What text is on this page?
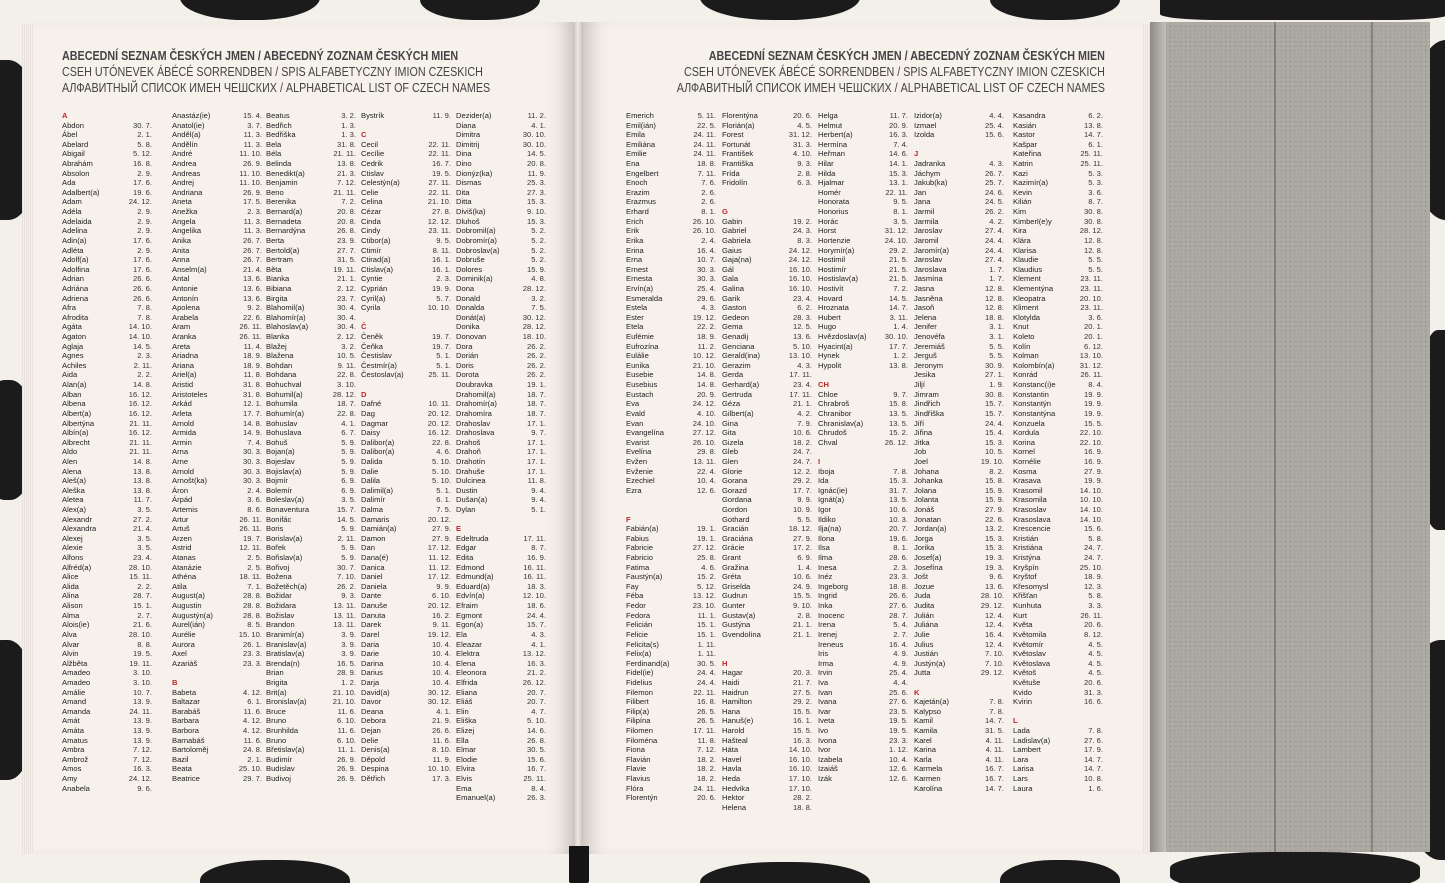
ABECEDNÍ SEZNAM ČESKÝCH JMEN / ABECEDNÝ ZOZNAM ČESKÝCH MIEN
CSEH UTÓNEVEK ÁBÉCÉ SORRENDBEN / SPIS ALFABETYCZNY IMION CZESKICH
АЛФАВИТНЫЙ СПИСОК ИМЕН ЧЕШСКИХ / ALPHABETICAL LIST OF CZECH NAMES
ABECEDNÍ SEZNAM ČESKÝCH JMEN / ABECEDNÝ ZOZNAM ČESKÝCH MIEN
CSEH UTÓNEVEK ÁBÉCÉ SORRENDBEN / SPIS ALFABETYCZNY IMION CZESKICH
АЛФАВИТНЫЙ СПИСОК ИМЕН ЧЕШСКИХ / ALPHABETICAL LIST OF CZECH NAMES
A
Abdon	30. 7.
Ábel	2. 1.
Abelard	5. 8.
Abigail	5. 12.
Abrahám	16. 8.
Absolon	2. 9.
Ada	17. 6.
Adalbert(a)	19. 6.
Adam	24. 12.
Adéla	2. 9.
Adelaida	2. 9.
Adelina	2. 9.
Adin(a)	17. 6.
Adléta	2. 9.
Adolf(a)	17. 6.
Adolfina	17. 6.
Adrian	26. 6.
Adriána	26. 6.
Adriena	26. 6.
Afra	7. 8.
Afrodita	7. 8.
Agáta	14. 10.
Agaton	14. 10.
Aglaja	14. 5.
Agnes	2. 3.
Achiles	2. 11.
Aida	2. 2.
Alan(a)	14. 8.
Alban	16. 12.
Albena	16. 12.
Albert(a)	16. 12.
Albertýna	21. 11.
Albín(a)	16. 12.
Albrecht	21. 11.
Aldo	21. 11.
Alen	14. 8.
Alena	13. 8.
Aleš(a)	13. 8.
Aleška	13. 8.
Aletea	11. 7.
Alex(a)	3. 5.
Alexandr	27. 2.
Alexandra	21. 4.
Alexej	3. 5.
Alexie	3. 5.
Alfons	23. 4.
Alfréd(a)	28. 10.
Alice	15. 11.
Alida	2. 2.
Alina	28. 7.
Alison	15. 1.
Alma	2. 7.
Alois(ie)	21. 6.
Alva	28. 10.
Alvar	8. 8.
Alvin	19. 5.
Alžběta	19. 11.
Amadeo	3. 10.
Amadeo	3. 10.
Amálie	10. 7.
Amand	13. 9.
Amanda	24. 11.
Amát	13. 9.
Amáta	13. 9.
Amatus	13. 9.
Ambra	7. 12.
Ambrož	7. 12.
Amos	16. 3.
Amy	24. 12.
Anabela	9. 6.
Anastáz(ie)	15. 4.
Anatol(ie)	3. 7.
Anděl(a)	11. 3.
Andělín	11. 3.
André	11. 10.
Andrea	26. 9.
Andreas	11. 10.
Andrej	11. 10.
Andriana	26. 9.
Aneta	17. 5.
Anežka	2. 3.
Angela	11. 3.
Angelika	11. 3.
Anika	26. 7.
Anita	26. 7.
Anna	26. 7.
Anselm(a)	21. 4.
Antal	13. 6.
Antonie	13. 6.
Antonín	13. 6.
Apolena	9. 2.
Arabela	22. 6.
Aram	26. 11.
Aranka	26. 11.
Areta	11. 4.
Ariadna	18. 9.
Ariana	18. 9.
Ariel(a)	11. 8.
Aristid	31. 8.
Aristoteles	31. 8.
Arkád	12. 1.
Arleta	17. 7.
Arnold	14. 8.
Armida	14. 9.
Armin	7. 4.
Arna	30. 3.
Arne	30. 3.
Arnold	30. 3.
Arnošt(ka)	30. 3.
Áron	2. 4.
Árpád	3. 6.
Artemis	8. 6.
Artur	26. 11.
Artuš	26. 11.
Arzen	19. 7.
Astrid	12. 11.
Atanas	2. 5.
Atanázie	2. 5.
Athéna	18. 11.
Atila	7. 1.
August(a)	28. 8.
Augustin	28. 8.
Augustýn(a)	28. 8.
Aurel(ián)	8. 5.
Aurélie	15. 10.
Aurora	26. 1.
Axel	23. 3.
Azariáš	23. 3.
B
Babeta	4. 12.
Baltazar	6. 1.
Barabáš	11. 6.
Barbara	4. 12.
Barbora	4. 12.
Barnabáš	11. 6.
Bartoloměj	24. 8.
Bazil	2. 1.
Beata	25. 10.
Beatrice	29. 7.
Beatus	3. 2.
Bedřich	1. 3.
Bedřiška	1. 3.
Bela	31. 8.
Béla	21. 11.
Belinda	13. 8.
Benedikt(a)	21. 3.
Benjamin	7. 12.
Beno	21. 11.
Berenika	7. 2.
Bernard(a)	20. 8.
Bernadeta	20. 8.
Bernardýna	26. 8.
Berta	23. 9.
Bertold(a)	27. 7.
Bertram	31. 5.
Běta	19. 11.
Bianka	21. 1.
Bibiana	2. 12.
Birgita	23. 7.
Blahomil(a)	30. 4.
Blahomír(a)	30. 4.
Blahoslav(a)	30. 4.
Blanka	2. 12.
Blažej	3. 2.
Blažena	10. 5.
Bohdan	9. 11.
Bohdana	22. 8.
Bohuchval	3. 10.
Bohumil(a)	28. 12.
Bohumila	18. 7.
Bohumír(a)	22. 8.
Bohuslav	4. 1.
Bohuslava	6. 7.
Bohuš	5. 9.
Bojan(a)	5. 9.
Bojeslav	5. 9.
Bojislav(a)	5. 9.
Bojmír	6. 9.
Bolemír	6. 9.
Boleslav(a)	3. 5.
Bonaventura	15. 7.
Bonifác	14. 5.
Boris	5. 9.
Borislav(a)	2. 11.
Bořek	5. 9.
Bořislav(a)	5. 9.
Bořivoj	30. 7.
Božena	7. 10.
Božetěch(a)	26. 2.
Božidar	9. 3.
Božidara	13. 11.
Božislav	13. 11.
Brandon	13. 11.
Branimír(a)	3. 9.
Branislav(a)	3. 9.
Bratislav(a)	3. 9.
Brenda(n)	16. 5.
Brian	28. 9.
Brigita	1. 2.
Brit(a)	21. 10.
Bronislav(a)	21. 10.
Bruce	11. 6.
Bruno	6. 10.
Brunhilda	11. 6.
Bruno	6. 10.
Břetislav(a)	11. 1.
Budimír	26. 9.
Budislav	26. 9.
Budivoj	26. 9.
Bystrík	11. 9.
C
Cecil	22. 11.
Cecílie	22. 11.
Cedrik	16. 7.
Ctislav	19. 5.
Celestýn(a)	27. 11.
Celie	22. 11.
Celina	21. 10.
Cézar	27. 8.
Cinda	12. 12.
Cindy	23. 11.
Ctibor(a)	9. 5.
Ctimír	8. 11.
Ctirad(a)	16. 1.
Ctislav(a)	16. 1.
Cyntie	2. 3.
Cyprián	19. 9.
Cyril(a)	5. 7.
Cyrila	10. 10.
Č
Čeněk	19. 7.
Čeňka	19. 7.
Čestislav	5. 1.
Čestmír(a)	5. 1.
Čestoslav(a)	25. 11.
D
Dafné	10. 11.
Dag	20. 12.
Dagmar	20. 12.
Daisy	16. 12.
Dalibor(a)	22. 8.
Dalibor(a)	4. 6.
Dalida	5. 10.
Dalie	5. 10.
Dalila	5. 10.
Dalimil(a)	5. 1.
Dalimír	6. 1.
Dalma	7. 5.
Damaris	20. 12.
Damián(a)	27. 9.
Damon	27. 9.
Dan	17. 12.
Dana(é)	11. 12.
Danica	11. 12.
Daniel	17. 12.
Daniela	9. 9.
Dante	6. 10.
Danuše	20. 12.
Danuta	16. 2.
Darek	9. 11.
Darel	19. 12.
Daria	10. 4.
Darie	10. 4.
Darina	10. 4.
Darius	10. 4.
Darja	10. 4.
David(a)	30. 12.
Davor	30. 12.
Deana	4. 1.
Debora	21. 9.
Dejan	26. 6.
Delie	11. 6.
Denis(a)	8. 10.
Děpold	11. 9.
Despina	10. 10.
Dětřich	17. 3.
Dezider(a)	11. 2.
Diana	4. 1.
Dimitra	30. 10.
Dimitrij	30. 10.
Dina	14. 5.
Dino	20. 8.
Dionýz(ka)	11. 9.
Dismas	25. 3.
Dita	27. 3.
Ditta	15. 3.
Diviš(ka)	9. 10.
Dluhoš	15. 3.
Dobromil(a)	5. 2.
Dobromír(a)	5. 2.
Dobroslav(a)	5. 2.
Dobruše	5. 2.
Dolores	15. 9.
Dominik(a)	4. 8.
Dona	28. 12.
Donald	3. 2.
Donalda	7. 5.
Donát(a)	30. 12.
Donika	28. 12.
Donovan	18. 10.
Dora	26. 2.
Dorián	26. 2.
Doris	26. 2.
Dorota	26. 2.
Doubravka	19. 1.
Drahomil(a)	18. 7.
Drahomír(a)	18. 7.
Drahomíra	18. 7.
Drahoslav	17. 1.
Drahoslava	9. 7.
Drahoš	17. 1.
Drahoň	17. 1.
Drahotín	17. 1.
Drahuše	17. 1.
Dulcinea	11. 8.
Dustin	9. 4.
Dušan(a)	9. 4.
Dylan	5. 1.
E
Edeltruda	17. 11.
Edgar	8. 7.
Edita	16. 9.
Edmond	16. 11.
Edmund(a)	16. 11.
Eduard(a)	18. 3.
Edvín(a)	12. 10.
Efraim	18. 6.
Egmont	24. 4.
Egon(a)	15. 7.
Ela	4. 3.
Eleazar	4. 1.
Elektra	13. 12.
Elena	16. 3.
Eleonora	21. 2.
Elfrida	26. 12.
Eliana	20. 7.
Eliáš	20. 7.
Elin	4. 7.
Eliška	5. 10.
Elizej	14. 6.
Ella	26. 8.
Elmar	30. 5.
Elodie	15. 6.
Elvira	16. 7.
Elvis	25. 11.
Ema	8. 4.
Emanuel(a)	26. 3.
Emerich	5. 11.
Emil(ián)	22. 5.
Emila	24. 11.
Emiliána	24. 11.
Emilie	24. 11.
Ena	18. 8.
Engelbert	7. 11.
Enoch	7. 6.
Erazim	2. 6.
Erazmus	2. 6.
Erhard	8. 1.
Erich	26. 10.
Erik	26. 10.
Erika	2. 4.
Erina	16. 4.
Erna	10. 7.
Ernest	30. 3.
Ernesta	30. 3.
Ervín(a)	25. 4.
Esmeralda	29. 6.
Estela	4. 3.
Ester	19. 12.
Etela	22. 2.
Eufémie	18. 9.
Eufrozína	11. 2.
Eulálie	10. 12.
Eunika	21. 10.
Eusebie	14. 8.
Eusebius	14. 8.
Eustach	20. 9.
Eva	24. 12.
Evald	4. 10.
Evan	24. 10.
Evangelína	27. 12.
Evarist	26. 10.
Evelína	29. 8.
Evžen	13. 11.
Evženie	22. 4.
Ezechiel	10. 4.
Ezra	12. 6.
F
Fabián(a)	19. 1.
Fabius	19. 1.
Fabricie	27. 12.
Fabricio	25. 8.
Fatima	4. 6.
Faustýn(a)	15. 2.
Fay	5. 12.
Féba	13. 12.
Fedor	23. 10.
Fedora	11. 1.
Felicián	15. 1.
Felicie	15. 1.
Felicita(s)	1. 11.
Felix(a)	1. 11.
Ferdinand(a)	30. 5.
Fidel(ie)	24. 4.
Fidelius	24. 4.
Filemon	22. 11.
Filibert	16. 8.
Filip(a)	26. 5.
Filipína	26. 5.
Filomen	17. 11.
Filoména	11. 8.
Fiona	7. 12.
Flavián	18. 2.
Flavie	18. 2.
Flavius	18. 2.
Flóra	24. 11.
Florentýn	20. 6.
Florentýna	20. 6.
Florián(a)	4. 5.
Forest	31. 12.
Fortunát	31. 3.
František	4. 10.
Františka	9. 3.
Frída	2. 8.
Fridolín	6. 3.
G
Gabin	19. 2.
Gabriel	24. 3.
Gabriela	8. 3.
Gaius	24. 12.
Gaja(na)	24. 12.
Gál	16. 10.
Gala	16. 10.
Galina	16. 10.
Garik	23. 4.
Gaston	6. 2.
Gedeon	28. 3.
Gema	12. 5.
Genadij	13. 6.
Genciana	5. 10.
Gerald(ina)	13. 10.
Gerazim	4. 3.
Gerda	17. 11.
Gerhard(a)	23. 4.
Gertruda	17. 11.
Géza	21. 1.
Gilbert(a)	4. 2.
Gina	7. 9.
Gita	10. 6.
Gizela	18. 2.
Gleb	24. 7.
Glen	24. 7.
Glorie	12. 2.
Gorana	29. 2.
Gorazd	17. 7.
Gordana	9. 9.
Gordon	10. 9.
Gothard	5. 5.
Gracián	18. 12.
Graciána	27. 9.
Grácie	17. 2.
Grant	6. 9.
Gražina	1. 4.
Gréta	10. 6.
Griselda	24. 9.
Gudrun	15. 5.
Gunter	9. 10.
Gustav(a)	2. 8.
Gustýna	21. 1.
Gvendolína	21. 1.
H
Hagar	20. 3.
Haidi	21. 7.
Haidrun	27. 5.
Hamilton	29. 2.
Hana	15. 5.
Hanuš(e)	16. 1.
Harold	15. 5.
Hašteal	16. 3.
Háta	14. 10.
Havel	16. 10.
Havla	16. 10.
Heda	17. 10.
Hedvika	17. 10.
Hektor	28. 2.
Helena	18. 8.
Helga	11. 7.
Helmut	20. 9.
Herbert(a)	16. 3.
Hermína	7. 4.
Heřman	14. 6.
Hilar	14. 1.
Hilda	15. 3.
Hjalmar	13. 1.
Homér	22. 11.
Honorata	9. 5.
Honorius	8. 1.
Horác	3. 5.
Horst	31. 12.
Hortenzie	24. 10.
Horymír(a)	29. 2.
Hostimil	21. 5.
Hostimír	21. 5.
Hostislav(a)	21. 5.
Hostivít	7. 2.
Hovard	14. 5.
Hroznata	14. 7.
Hubert	3. 11.
Hugo	1. 4.
Hvězdoslav(a) 30. 10.
Hyacint(a)	17. 7.
Hynek	1. 2.
Hypolit	13. 8.
CH
Chloe	9. 7.
Chrabroš	15. 8.
Chranibor	13. 5.
Chranislav(a)	13. 5.
Chrudoš	15. 2.
Chval	26. 12.
I
Iboja	7. 8.
Ida	15. 3.
Ignác(ie)	31. 7.
Ignát(a)	13. 5.
Igor	10. 6.
Ildiko	10. 3.
Ilja(na)	20. 7.
Ilona	19. 6.
Ilsa	8. 1.
Ilma	28. 6.
Inesa	2. 3.
Inéz	23. 3.
Ingeborg	18. 8.
Ingrid	26. 6.
Inka	27. 6.
Inocenc	28. 7.
Irena	5. 4.
Irenej	2. 7.
Ireneus	16. 4.
Iris	4. 9.
Irma	4. 9.
Irvin	25. 4.
Iva	4. 4.
Ivan	25. 6.
Ivana	27. 6.
Ivar	23. 5.
Iveta	19. 5.
Ivo	19. 5.
Ivona	23. 3.
Ivor	1. 12.
Izabela	10. 4.
Izaiáš	12. 6.
Izák	12. 6.
Izidor(a)	4. 4.
Izmael	25. 4.
Izolda	15. 6.
J
Jadranka	4. 3.
Jáchym	26. 7.
Jakub(ka)	25. 7.
Jan	24. 6.
Jana	24. 5.
Jarmil	26. 2.
Jarmila	4. 2.
Jaroslav	27. 4.
Jaromil	24. 4.
Jaromír(a)	24. 4.
Jaroslav	27. 4.
Jaroslava	1. 7.
Jasmína	1. 7.
Jasna	12. 8.
Jasněna	12. 8.
Jasoň	12. 8.
Jelena	18. 8.
Jenifer	3. 1.
Jenovéfa	3. 1.
Jeremiáš	5. 5.
Jerguš	5. 5.
Jeronym	30. 9.
Jesika	27. 1.
Jiljí	1. 9.
Jimram	30. 8.
Jindřich	15. 7.
Jindřiška	15. 7.
Jiří	24. 4.
Jiřina	15. 4.
Jitka	15. 3.
Job	10. 5.
Joel	19. 10.
Johana	8. 2.
Johanka	15. 8.
Jolana	15. 9.
Jolanta	15. 9.
Jonáš	27. 9.
Jonatan	22. 6.
Jordan(a)	13. 2.
Jorga	15. 3.
Jorika	15. 3.
Josef(a)	19. 3.
Josefína	19. 3.
Jošt	9. 6.
Jozue	13. 6.
Juda	28. 10.
Judita	29. 12.
Julián	12. 4.
Juliána	12. 4.
Julie	16. 4.
Julius	12. 4.
Justián	7. 10.
Justýn(a)	7. 10.
Jutta	29. 12.
K
Kajetán(a)	7. 8.
Kalypso	7. 8.
Kamil	14. 7.
Kamila	31. 5.
Karel	4. 11.
Karina	4. 11.
Karla	4. 11.
Karmela	16. 7.
Karmen	16. 7.
Karolína	14. 7.
Kasandra	6. 2.
Kasián	13. 8.
Kastor	14. 7.
Kašpar	6. 1.
Kateřina	25. 11.
Katrin	25. 11.
Kazi	5. 3.
Kazimír(a)	5. 3.
Kevin	3. 6.
Kilián	8. 7.
Kim	30. 8.
Kimberl(e)y	30. 8.
Kira	28. 12.
Klára	12. 8.
Klarisa	12. 8.
Klaudie	5. 5.
Klaudius	5. 5.
Klement	23. 11.
Klementýna	23. 11.
Kleopatra	20. 10.
Kliment	23. 11.
Klotylda	3. 6.
Knut	20. 1.
Koleto	20. 1.
Kolín	6. 12.
Kolman	13. 10.
Kolombín(a)	31. 12.
Konrád	26. 11.
Konstanc(i)e	8. 4.
Konstantin	19. 9.
Konstantýn	19. 9.
Konstantýna	19. 9.
Konzuela	15. 5.
Kordula	22. 10.
Korina	22. 10.
Kornel	16. 9.
Kornélie	16. 9.
Kosma	27. 9.
Krasava	19. 9.
Krasomil	14. 10.
Krasomila	10. 10.
Krasoslav	14. 10.
Krasoslava	14. 10.
Krescencie	15. 6.
Kristián	5. 8.
Kristiána	24. 7.
Kristýna	24. 7.
Kryšpín	25. 10.
Kryštof	18. 9.
Křesomysl	12. 3.
Křišťan	5. 8.
Kunhuta	3. 3.
Kurt	26. 11.
Květa	20. 6.
Květomila	8. 12.
Květomír	4. 5.
Květoslav	4. 5.
Květoslava	4. 5.
Květoš	4. 5.
Květuše	20. 6.
Kvido	31. 3.
Kvirin	16. 6.
L
Lada	7. 8.
Ladislav(a)	27. 6.
Lambert	17. 9.
Lara	14. 7.
Larisa	14. 7.
Lars	10. 8.
Laura	1. 6.
